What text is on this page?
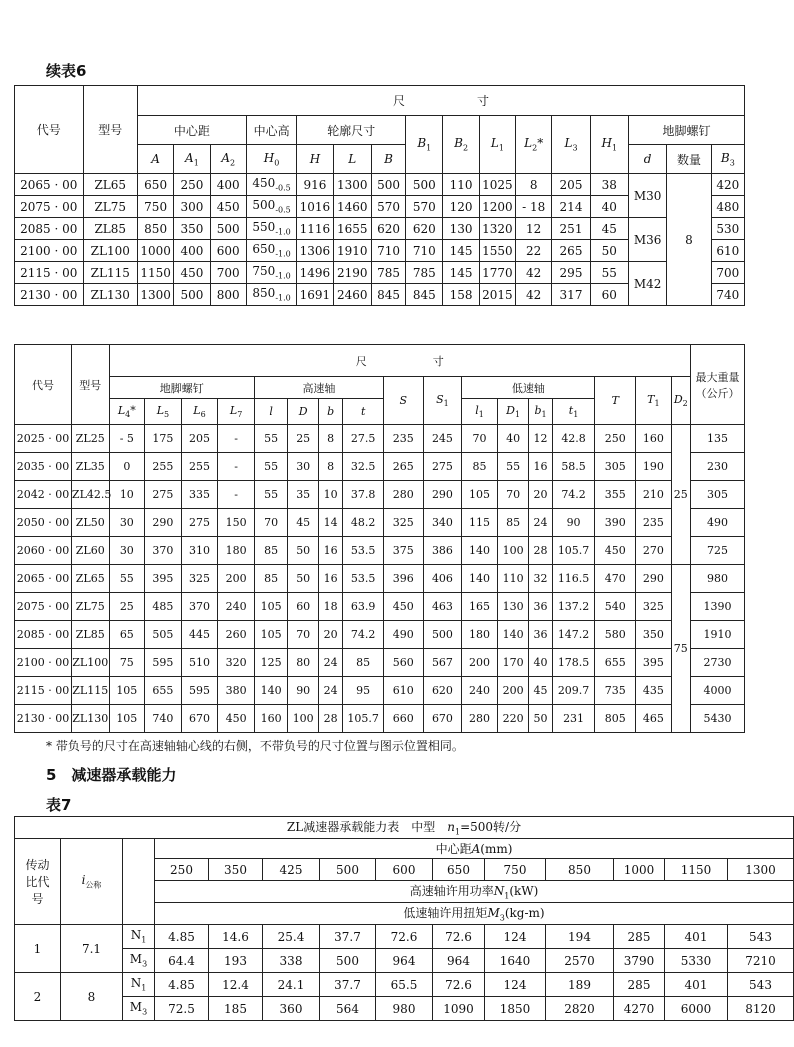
续表6
代号	型号	尺　　　　　　寸															
		中心距			中心高	轮廓尺寸			$B_1$	$B_2$	$L_1$	$L_2*$	$L_3$	$H_1$	地脚螺钉		
		A	$A_1$	$A_2$	$H_0$	H	L	B							d	数量	$B_3$
2065 · 00	ZL65	650	250	400	$450_{-0.5}$	916	1300	500	500	110	1025	8	205	38	M30	8	420
2075 · 00	ZL75	750	300	450	$500_{-0.5}$	1016	1460	570	570	120	1200	- 18	214	40			480
2085 · 00	ZL85	850	350	500	$550_{-1.0}$	1116	1655	620	620	130	1320	12	251	45	M36		530
2100 · 00	ZL100	1000	400	600	$650_{-1.0}$	1306	1910	710	710	145	1550	22	265	50			610
2115 · 00	ZL115	1150	450	700	$750_{-1.0}$	1496	2190	785	785	145	1770	42	295	55	M42		700
2130 · 00	ZL130	1300	500	800	$850_{-1.0}$	1691	2460	845	845	158	2015	42	317	60			740
代号	型号	尺　　　　　　寸																	最大重量
（公斤）
		地脚螺钉				高速轴				S	$S_1$	低速轴				T	$T_1$	$D_2$
		$L_4*$	$L_5$	$L_6$	$L_7$	l	D	b	t			$l_1$	$D_1$	$b_1$	$t_1$
2025 · 00	ZL25	- 5	175	205	-	55	25	8	27.5	235	245	70	40	12	42.8	250	160	25	135
2035 · 00	ZL35	0	255	255	-	55	30	8	32.5	265	275	85	55	16	58.5	305	190		230
2042 · 00	ZL42.5	10	275	335	-	55	35	10	37.8	280	290	105	70	20	74.2	355	210		305
2050 · 00	ZL50	30	290	275	150	70	45	14	48.2	325	340	115	85	24	90	390	235		490
2060 · 00	ZL60	30	370	310	180	85	50	16	53.5	375	386	140	100	28	105.7	450	270		725
2065 · 00	ZL65	55	395	325	200	85	50	16	53.5	396	406	140	110	32	116.5	470	290	75	980
2075 · 00	ZL75	25	485	370	240	105	60	18	63.9	450	463	165	130	36	137.2	540	325		1390
2085 · 00	ZL85	65	505	445	260	105	70	20	74.2	490	500	180	140	36	147.2	580	350		1910
2100 · 00	ZL100	75	595	510	320	125	80	24	85	560	567	200	170	40	178.5	655	395		2730
2115 · 00	ZL115	105	655	595	380	140	90	24	95	610	620	240	200	45	209.7	735	435		4000
2130 · 00	ZL130	105	740	670	450	160	100	28	105.7	660	670	280	220	50	231	805	465		5430
* 带负号的尺寸在高速轴轴心线的右侧，不带负号的尺寸位置与图示位置相同。
5　减速器承载能力
表7
ZL减速器承载能力表　中型　$n_1=500$转/分													
传动
比代
号	$i_{公称}$		中心距A(mm)										
			250	350	425	500	600	650	750	850	1000	1150	1300
			高速轴许用功率$N_1(kW)$										
			低速轴许用扭矩$M_3(kg-m)$										
1	7.1	$N_1$	4.85	14.6	25.4	37.7	72.6	72.6	124	194	285	401	543
		$M_3$	64.4	193	338	500	964	964	1640	2570	3790	5330	7210
2	8	$N_1$	4.85	12.4	24.1	37.7	65.5	72.6	124	189	285	401	543
		$M_3$	72.5	185	360	564	980	1090	1850	2820	4270	6000	8120
